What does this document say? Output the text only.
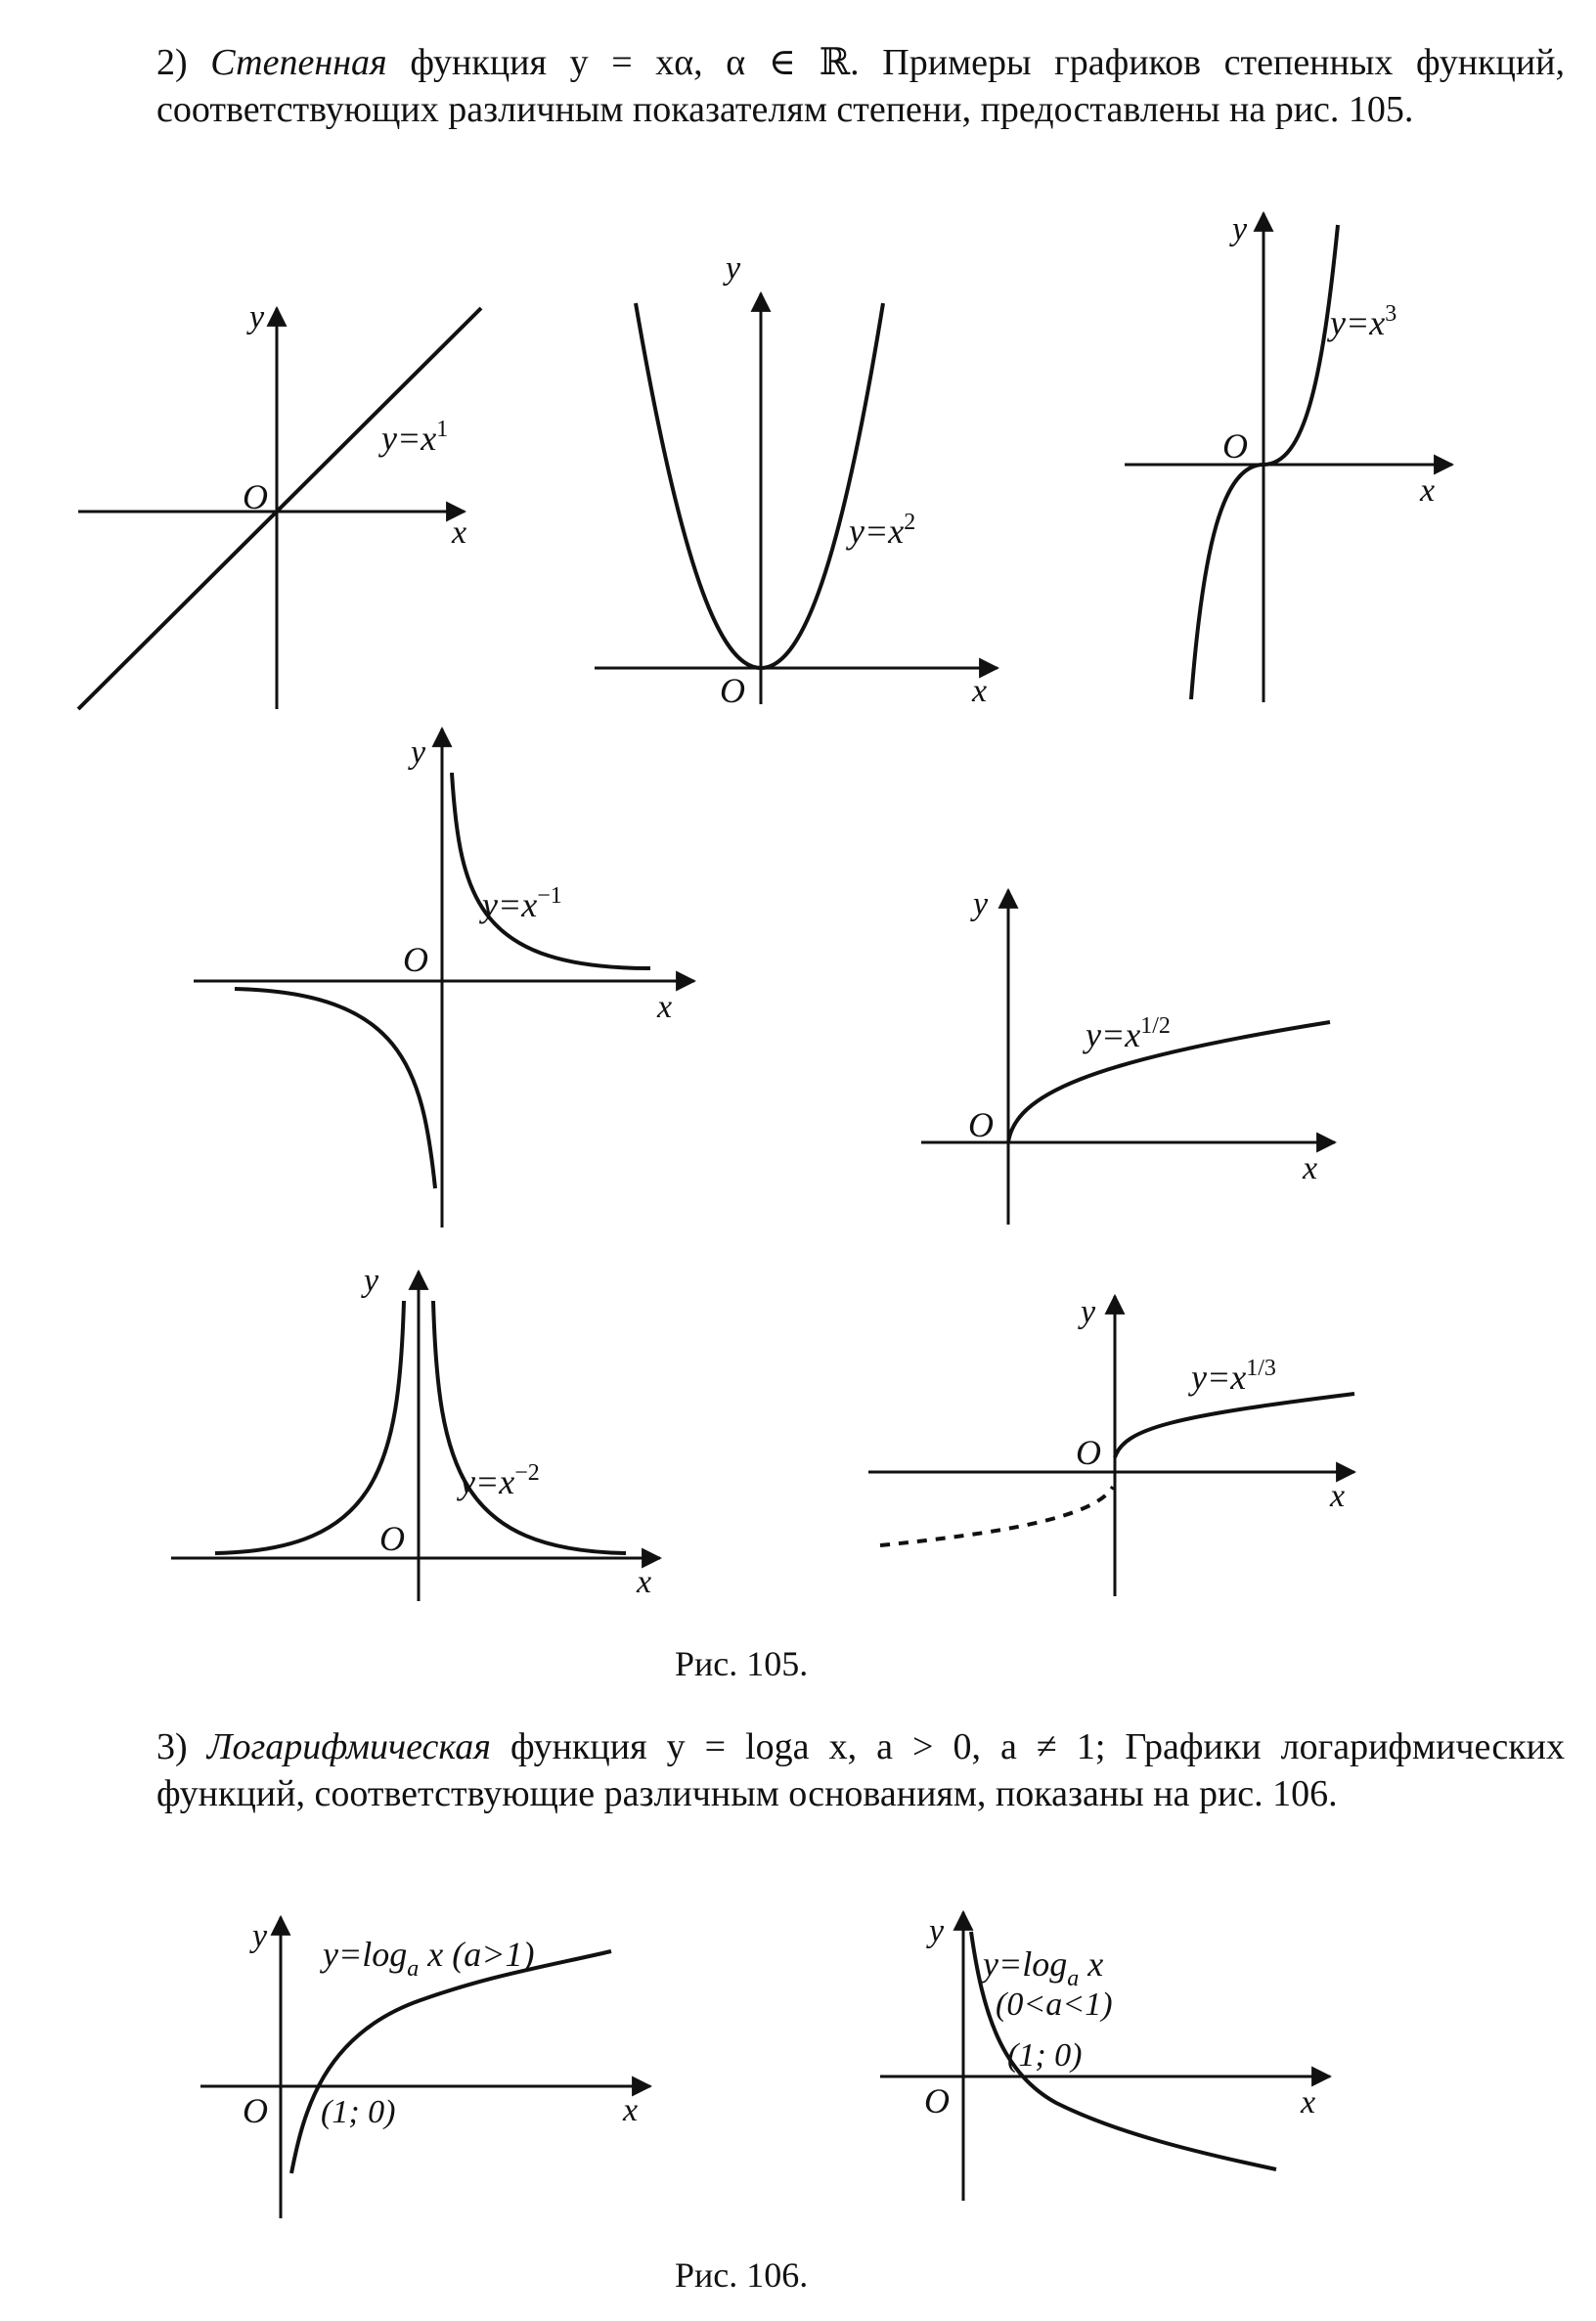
2) Степенная функция y = xα, α ∈ ℝ. Примеры графиков степенных функций, соответствующих различным показателям степени, предоставлены на рис. 105.

y
x
O
$y=x^1$
y
x
O
$y=x^2$
y
x
O
$y=x^3$
y
x
O
$y=x^{-1}$	y
x
O
$y=x^{1/2}$
y
x
O
$y=x^{-2}$
y
x
O
$y=x^{1/3}$
y
x
O (1; 0)
$y=\log_a$ x (a>1)
y
x
O
(1; 0)
$y=\log_a$ x
(0<a<1)
Рис. 105.

3) Логарифмическая функция y = loga x, a > 0, a ≠ 1; Графики логарифмических функций, соответствующие различным основаниям, показаны на рис. 106.

Рис. 106.
